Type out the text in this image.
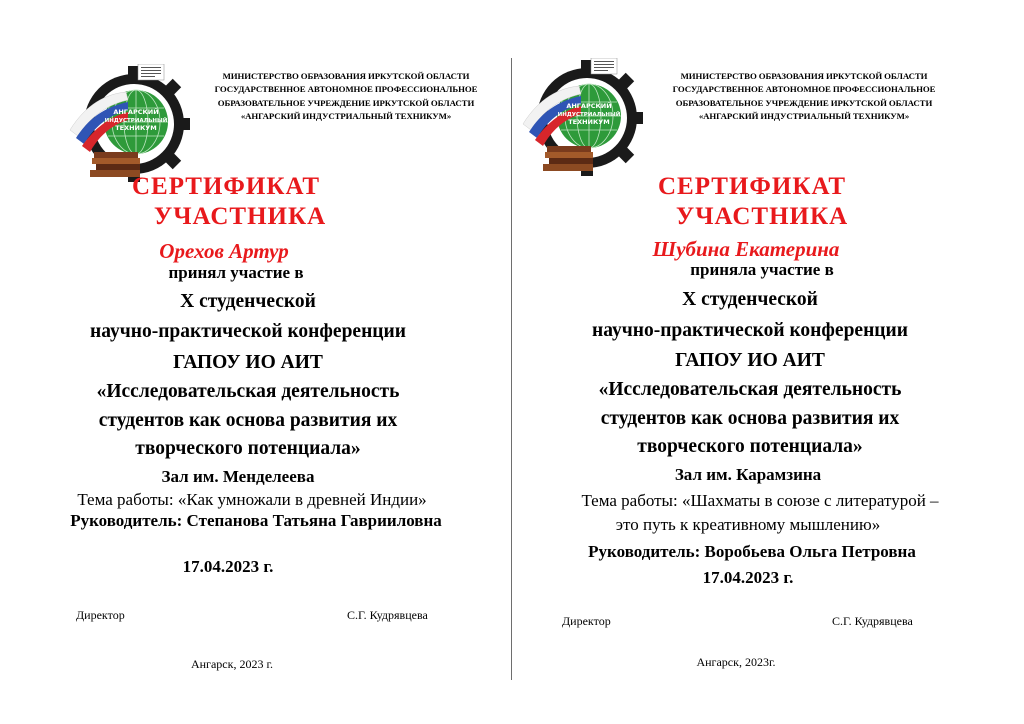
АНГАРСКИЙ
ИНДУСТРИАЛЬНЫЙ
ТЕХНИКУМ
МИНИСТЕРСТВО ОБРАЗОВАНИЯ ИРКУТСКОЙ ОБЛАСТИ
ГОСУДАРСТВЕННОЕ АВТОНОМНОЕ ПРОФЕССИОНАЛЬНОЕ
ОБРАЗОВАТЕЛЬНОЕ УЧРЕЖДЕНИЕ ИРКУТСКОЙ ОБЛАСТИ
«АНГАРСКИЙ ИНДУСТРИАЛЬНЫЙ ТЕХНИКУМ»
СЕРТИФИКАТ
УЧАСТНИКА
Орехов Артур
принял участие в
X студенческой
научно-практической конференции
ГАПОУ ИО АИТ
«Исследовательская деятельность
студентов как основа развития их
творческого потенциала»
Зал им. Менделеева
Тема работы: «Как умножали в древней Индии»
Руководитель: Степанова Татьяна Гаврииловна
17.04.2023 г.
Директор	С.Г. Кудрявцева
Ангарск, 2023 г.
АНГАРСКИЙ
ИНДУСТРИАЛЬНЫЙ
ТЕХНИКУМ
МИНИСТЕРСТВО ОБРАЗОВАНИЯ ИРКУТСКОЙ ОБЛАСТИ
ГОСУДАРСТВЕННОЕ АВТОНОМНОЕ ПРОФЕССИОНАЛЬНОЕ
ОБРАЗОВАТЕЛЬНОЕ УЧРЕЖДЕНИЕ ИРКУТСКОЙ ОБЛАСТИ
«АНГАРСКИЙ ИНДУСТРИАЛЬНЫЙ ТЕХНИКУМ»
СЕРТИФИКАТ
УЧАСТНИКА
Шубина Екатерина
приняла участие в
X студенческой
научно-практической конференции
ГАПОУ ИО АИТ
«Исследовательская деятельность
студентов как основа развития их
творческого потенциала»
Зал им. Карамзина
Тема работы: «Шахматы в союзе с литературой –
это путь к креативному мышлению»
Руководитель: Воробьева Ольга Петровна
17.04.2023 г.
Директор	С.Г. Кудрявцева
Ангарск, 2023г.
